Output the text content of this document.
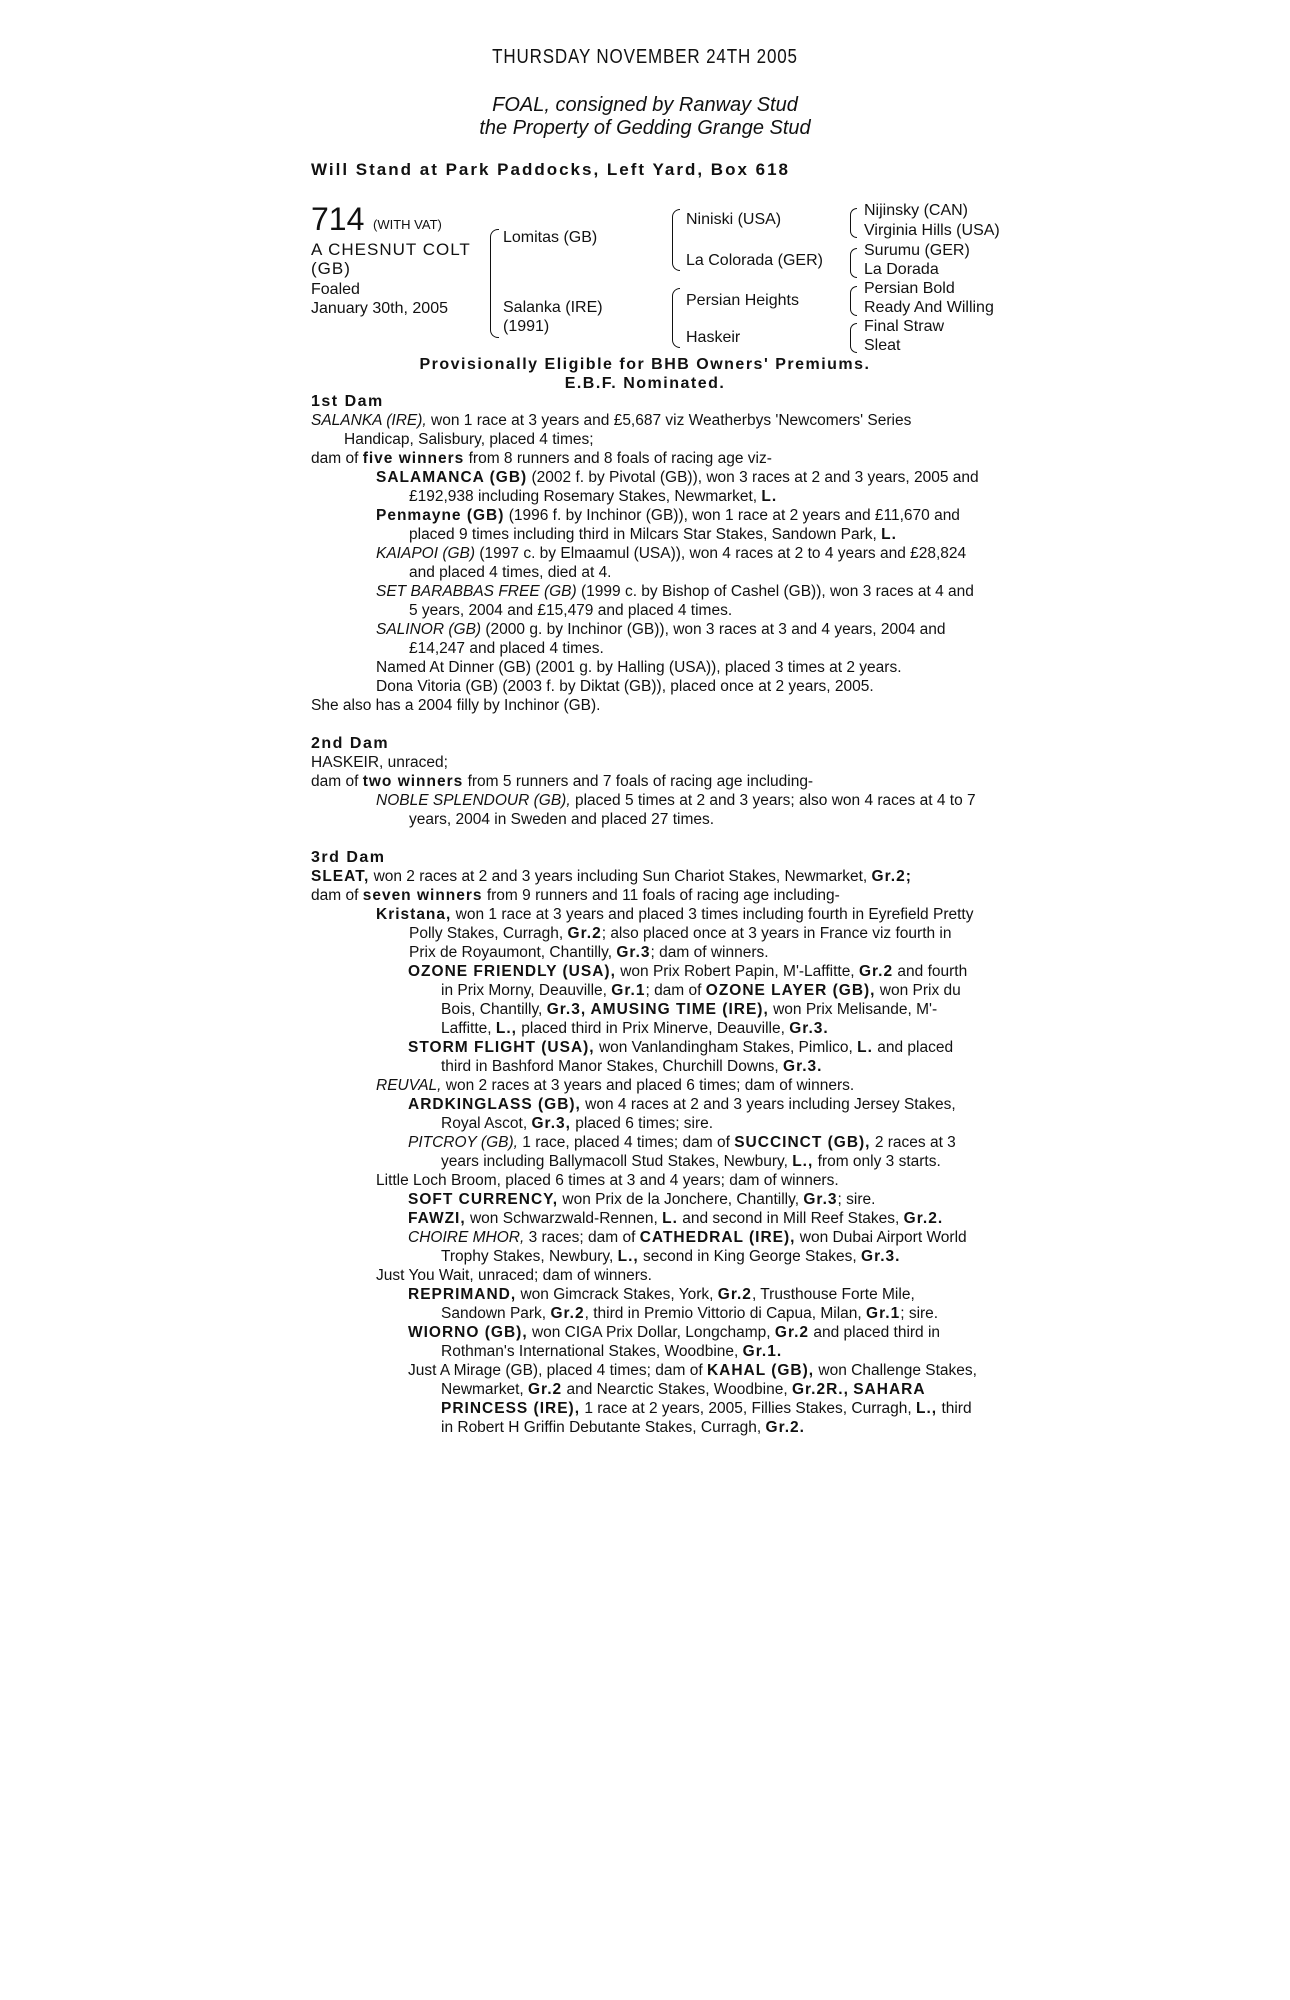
THURSDAY NOVEMBER 24TH 2005
FOAL, consigned by Ranway Stud
the Property of Gedding Grange Stud
Will Stand at Park Paddocks, Left Yard, Box 618
714 (WITH VAT)
A CHESNUT COLT
(GB)
Foaled
January 30th, 2005
Lomitas (GB)
Salanka (IRE)
(1991)
Niniski (USA)
La Colorada (GER)
Persian Heights
Haskeir
Nijinsky (CAN)
Virginia Hills (USA)
Surumu (GER)
La Dorada
Persian Bold
Ready And Willing
Final Straw
Sleat
Provisionally Eligible for BHB Owners' Premiums.
E.B.F. Nominated.

1st Dam

SALANKA (IRE), won 1 race at 3 years and £5,687 viz Weatherbys 'Newcomers' Series Handicap, Salisbury, placed 4 times;

dam of five winners from 8 runners and 8 foals of racing age viz-

SALAMANCA (GB) (2002 f. by Pivotal (GB)), won 3 races at 2 and 3 years, 2005 and £192,938 including Rosemary Stakes, Newmarket, L.

Penmayne (GB) (1996 f. by Inchinor (GB)), won 1 race at 2 years and £11,670 and placed 9 times including third in Milcars Star Stakes, Sandown Park, L.

KAIAPOI (GB) (1997 c. by Elmaamul (USA)), won 4 races at 2 to 4 years and £28,824 and placed 4 times, died at 4.

SET BARABBAS FREE (GB) (1999 c. by Bishop of Cashel (GB)), won 3 races at 4 and 5 years, 2004 and £15,479 and placed 4 times.

SALINOR (GB) (2000 g. by Inchinor (GB)), won 3 races at 3 and 4 years, 2004 and £14,247 and placed 4 times.

Named At Dinner (GB) (2001 g. by Halling (USA)), placed 3 times at 2 years.

Dona Vitoria (GB) (2003 f. by Diktat (GB)), placed once at 2 years, 2005.

She also has a 2004 filly by Inchinor (GB).

2nd Dam

HASKEIR, unraced;

dam of two winners from 5 runners and 7 foals of racing age including-

NOBLE SPLENDOUR (GB), placed 5 times at 2 and 3 years; also won 4 races at 4 to 7 years, 2004 in Sweden and placed 27 times.

3rd Dam

SLEAT, won 2 races at 2 and 3 years including Sun Chariot Stakes, Newmarket, Gr.2;

dam of seven winners from 9 runners and 11 foals of racing age including-

Kristana, won 1 race at 3 years and placed 3 times including fourth in Eyrefield Pretty Polly Stakes, Curragh, Gr.2; also placed once at 3 years in France viz fourth in Prix de Royaumont, Chantilly, Gr.3; dam of winners.

OZONE FRIENDLY (USA), won Prix Robert Papin, M'-Laffitte, Gr.2 and fourth in Prix Morny, Deauville, Gr.1; dam of OZONE LAYER (GB), won Prix du Bois, Chantilly, Gr.3, AMUSING TIME (IRE), won Prix Melisande, M'-Laffitte, L., placed third in Prix Minerve, Deauville, Gr.3.

STORM FLIGHT (USA), won Vanlandingham Stakes, Pimlico, L. and placed third in Bashford Manor Stakes, Churchill Downs, Gr.3.

REUVAL, won 2 races at 3 years and placed 6 times; dam of winners.

ARDKINGLASS (GB), won 4 races at 2 and 3 years including Jersey Stakes, Royal Ascot, Gr.3, placed 6 times; sire.

PITCROY (GB), 1 race, placed 4 times; dam of SUCCINCT (GB), 2 races at 3 years including Ballymacoll Stud Stakes, Newbury, L., from only 3 starts.

Little Loch Broom, placed 6 times at 3 and 4 years; dam of winners.

SOFT CURRENCY, won Prix de la Jonchere, Chantilly, Gr.3; sire.

FAWZI, won Schwarzwald-Rennen, L. and second in Mill Reef Stakes, Gr.2.

CHOIRE MHOR, 3 races; dam of CATHEDRAL (IRE), won Dubai Airport World Trophy Stakes, Newbury, L., second in King George Stakes, Gr.3.

Just You Wait, unraced; dam of winners.

REPRIMAND, won Gimcrack Stakes, York, Gr.2, Trusthouse Forte Mile, Sandown Park, Gr.2, third in Premio Vittorio di Capua, Milan, Gr.1; sire.

WIORNO (GB), won CIGA Prix Dollar, Longchamp, Gr.2 and placed third in Rothman's International Stakes, Woodbine, Gr.1.

Just A Mirage (GB), placed 4 times; dam of KAHAL (GB), won Challenge Stakes, Newmarket, Gr.2 and Nearctic Stakes, Woodbine, Gr.2R., SAHARA PRINCESS (IRE), 1 race at 2 years, 2005, Fillies Stakes, Curragh, L., third in Robert H Griffin Debutante Stakes, Curragh, Gr.2.
